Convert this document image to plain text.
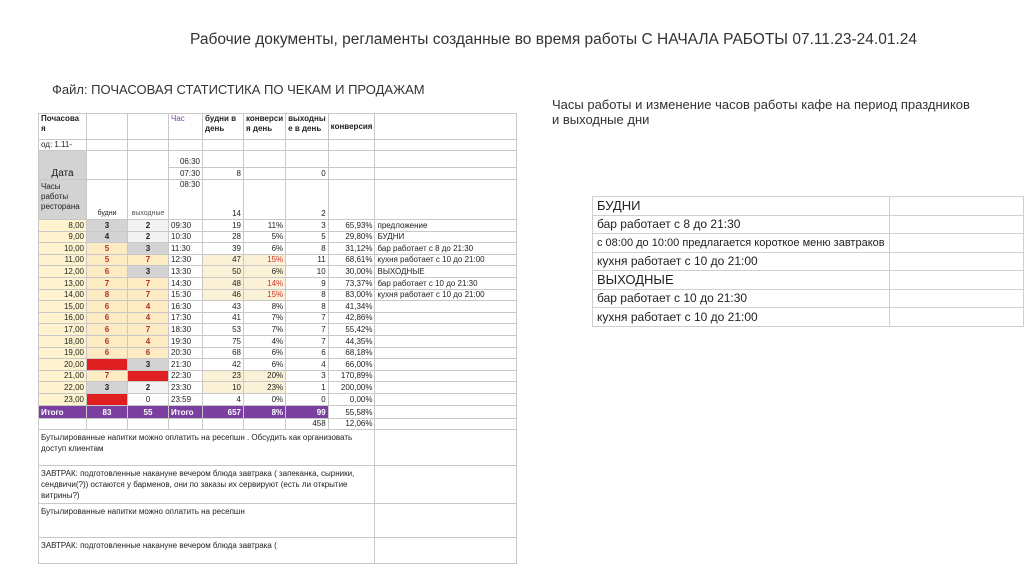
Рабочие документы, регламенты созданные во время работы С НАЧАЛА РАБОТЫ 07.11.23-24.01.24
Файл: ПОЧАСОВАЯ СТАТИСТИКА ПО ЧЕКАМ И ПРОДАЖАМ
Часы работы и изменение часов работы кафе на период праздников и выходные дни
Почасова я			Час	будни в день	конверси я день	выходны е в день	конверсия	
од: 1.11-								
Дата			06:30					
			07:30	8		0		
Часы работы ресторана	будни	выходные	08:30	14		2		
8,00	3	2	09:30	19	11%	3	65,93%	предложение
9,00	4	2	10:30	28	5%	5	29,80%	БУДНИ
10,00	5	3	11:30	39	6%	8	31,12%	бар работает с 8 до 21:30
11,00	5	7	12:30	47	15%	11	68,61%	кухня работает с 10 до 21:00
12,00	6	3	13:30	50	6%	10	30,00%	ВЫХОДНЫЕ
13,00	7	7	14:30	48	14%	9	73,37%	бар работает с 10 до 21:30
14,00	8	7	15:30	46	15%	8	83,00%	кухня работает с 10 до 21:00
15,00	6	4	16:30	43	8%	8	41,34%	
16,00	6	4	17:30	41	7%	7	42,86%	
17,00	6	7	18:30	53	7%	7	55,42%	
18,00	6	4	19:30	75	4%	7	44,35%	
19,00	6	6	20:30	68	6%	6	68,18%	
20,00	8	3	21:30	42	6%	4	66,00%	
21,00	7	0	22:30	23	20%	3	170,89%	
22,00	3	2	23:30	10	23%	1	200,00%	
23,00	1	0	23:59	4	0%	0	0,00%	
Итого	83	55	Итого	657	8%	99	55,58%	
						458	12,06%	
Бутылированные напитки можно оплатить на ресепшн . Обсудить как организовать доступ клиентам								
ЗАВТРАК: подготовленные накануне вечером блюда завтрака ( запеканка, сырники, сендвичи(?)) остаются у барменов, они по заказы их сервируют (есть ли открытие витрины?)								
Бутылированные напитки можно оплатить на ресепшн								
ЗАВТРАК: подготовленные накануне вечером блюда завтрака (								
БУДНИ	
бар работает с 8 до 21:30	
с 08:00 до 10:00 предлагается короткое меню завтраков	
кухня работает с 10 до 21:00	
ВЫХОДНЫЕ	
бар работает с 10 до 21:30	
кухня работает с 10 до 21:00	
